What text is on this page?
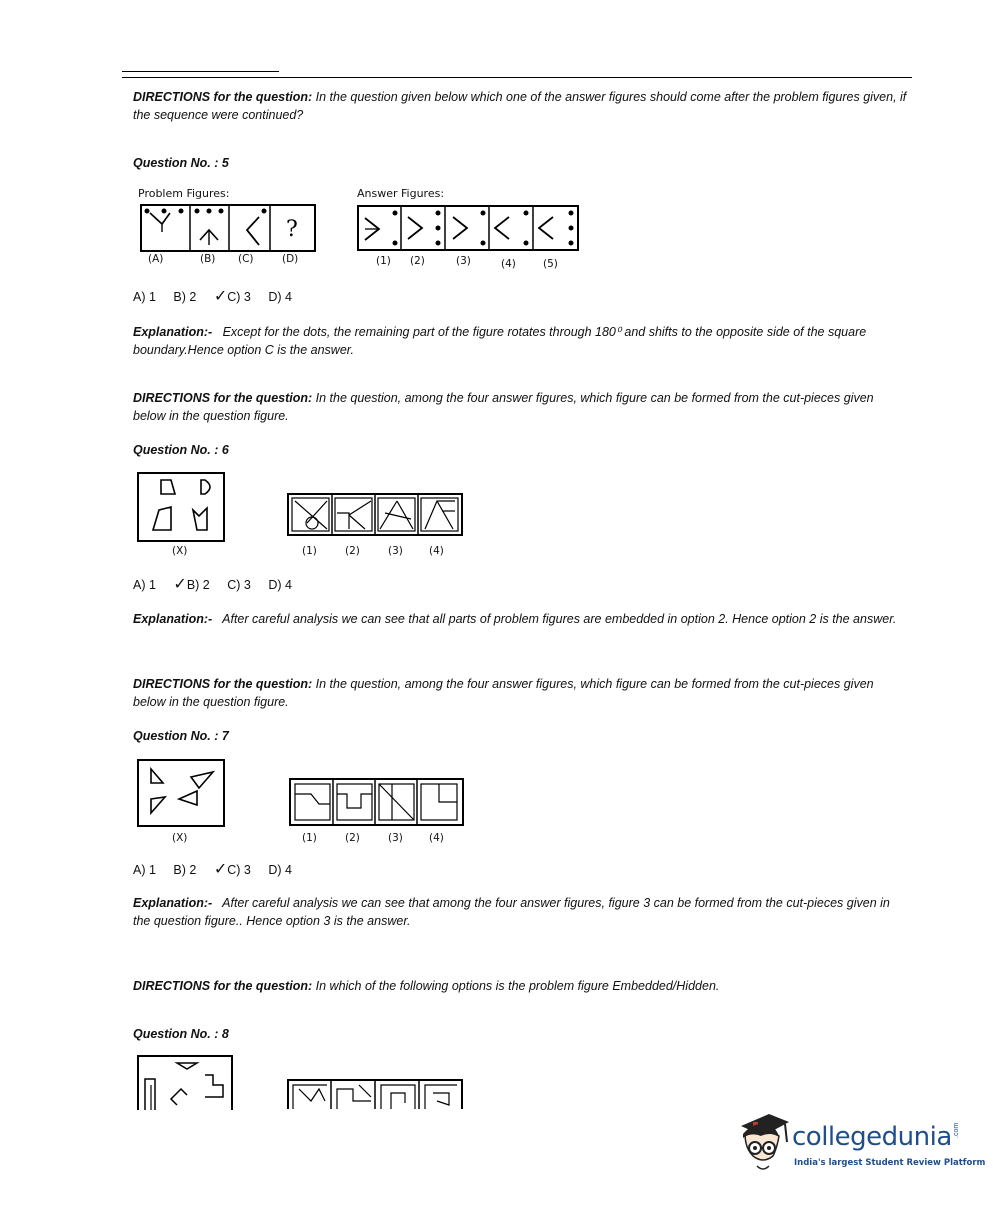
DIRECTIONS for the question: In the question given below which one of the answer figures should come after the problem figures given, if the sequence were continued?
Question No. : 5
Problem Figures:	Answer Figures:
?
(A)	(B) (C)	(D)	(1) (2)	(3)	(4)	(5)
A) 1 B) 2 ✓C) 3 D) 4
Explanation:- Except for the dots, the remaining part of the figure rotates through 180⁰ and shifts to the opposite side of the square boundary.Hence option C is the answer.
DIRECTIONS for the question: In the question, among the four answer figures, which figure can be formed from the cut-pieces given below in the question figure.
Question No. : 6
(X)	(1)	(2)	(3) (4)
A) 1 ✓B) 2 C) 3 D) 4
Explanation:- After careful analysis we can see that all parts of problem figures are embedded in option 2. Hence option 2 is the answer.
DIRECTIONS for the question: In the question, among the four answer figures, which figure can be formed from the cut-pieces given below in the question figure.
Question No. : 7
(X)	(1)	(2)	(3) (4)
A) 1 B) 2 ✓C) 3 D) 4
Explanation:- After careful analysis we can see that among the four answer figures, figure 3 can be formed from the cut-pieces given in the question figure.. Hence option 3 is the answer.
DIRECTIONS for the question: In which of the following options is the problem figure Embedded/Hidden.
Question No. : 8
collegedunia .com
India's largest Student Review Platform
